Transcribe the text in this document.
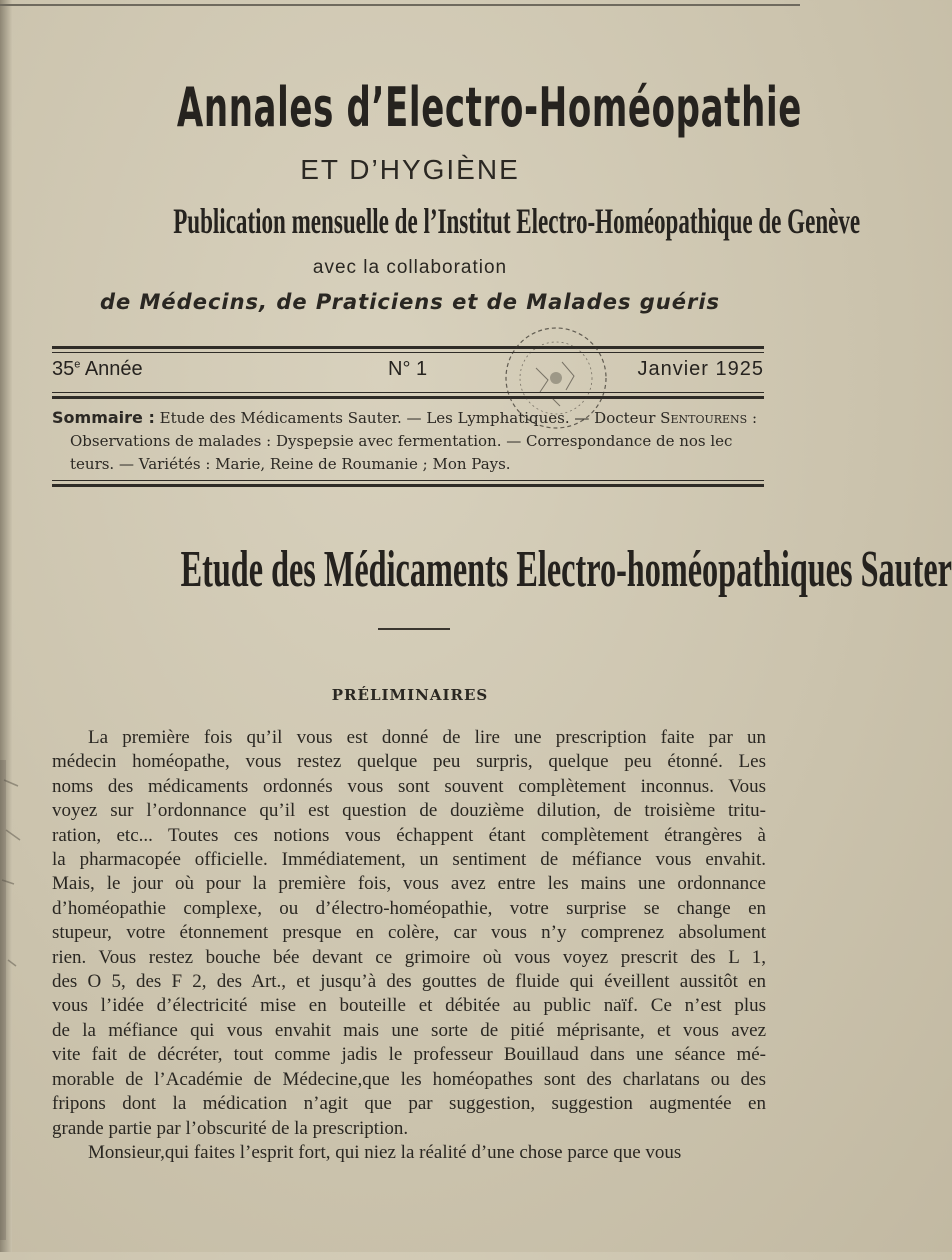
Annales d’Electro-Homéopathie
ET D’HYGIÈNE
Publication mensuelle de l’Institut Electro-Homéopathique de Genève
avec la collaboration
de Médecins, de Praticiens et de Malades guéris
35e Année	N° 1	Janvier 1925
Sommaire : Etude des Médicaments Sauter. — Les Lymphatiques. — Docteur Sentourens :
Observations de malades : Dyspepsie avec fermentation. — Correspondance de nos lec
teurs. — Variétés : Marie, Reine de Roumanie ; Mon Pays.
Etude des Médicaments Electro-homéopathiques Sauter
PRÉLIMINAIRES
La première fois qu’il vous est donné de lire une prescription faite par un
médecin homéopathe, vous restez quelque peu surpris, quelque peu étonné. Les
noms des médicaments ordonnés vous sont souvent complètement inconnus. Vous
voyez sur l’ordonnance qu’il est question de douzième dilution, de troisième tritu-
ration, etc... Toutes ces notions vous échappent étant complètement étrangères à
la pharmacopée officielle. Immédiatement, un sentiment de méfiance vous envahit.
Mais, le jour où pour la première fois, vous avez entre les mains une ordonnance
d’homéopathie complexe, ou d’électro-homéopathie, votre surprise se change en
stupeur, votre étonnement presque en colère, car vous n’y comprenez absolument
rien. Vous restez bouche bée devant ce grimoire où vous voyez prescrit des L 1,
des O 5, des F 2, des Art., et jusqu’à des gouttes de fluide qui éveillent aussitôt en
vous l’idée d’électricité mise en bouteille et débitée au public naïf. Ce n’est plus
de la méfiance qui vous envahit mais une sorte de pitié méprisante, et vous avez
vite fait de décréter, tout comme jadis le professeur Bouillaud dans une séance mé-
morable de l’Académie de Médecine,que les homéopathes sont des charlatans ou des
fripons dont la médication n’agit que par suggestion, suggestion augmentée en
grande partie par l’obscurité de la prescription.
Monsieur,qui faites l’esprit fort, qui niez la réalité d’une chose parce que vous
